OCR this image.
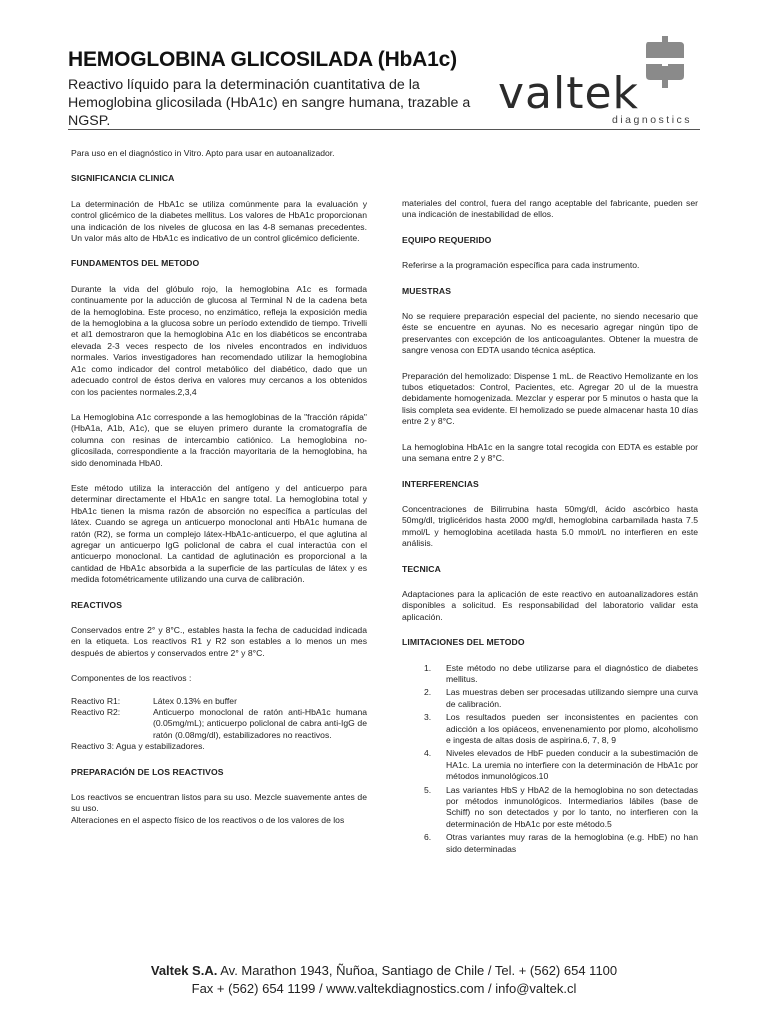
HEMOGLOBINA GLICOSILADA (HbA1c)
Reactivo líquido para la determinación cuantitativa de la Hemoglobina glicosilada (HbA1c) en sangre humana, trazable a NGSP.
valtek
diagnostics

Para uso en el diagnóstico in Vitro. Apto para usar en autoanalizador.

SIGNIFICANCIA CLINICA

La determinación de HbA1c se utiliza comúnmente para la evaluación y control glicémico de la diabetes mellitus. Los valores de HbA1c proporcionan una indicación de los niveles de glucosa en las 4-8 semanas precedentes. Un valor más alto de HbA1c es indicativo de un control glicémico deficiente.

FUNDAMENTOS DEL METODO

Durante la vida del glóbulo rojo, la hemoglobina A1c es formada continuamente por la aducción de glucosa al Terminal N de la cadena beta de la hemoglobina. Este proceso, no enzimático, refleja la exposición media de la hemoglobina a la glucosa sobre un período extendido de tiempo. Trivelli et al1 demostraron que la hemoglobina A1c en los diabéticos se encontraba elevada 2-3 veces respecto de los niveles encontrados en individuos normales. Varios investigadores han recomendado utilizar la hemoglobina A1c como indicador del control metabólico del diabético, dado que un adecuado control de éstos deriva en valores muy cercanos a los obtenidos con los pacientes normales.2,3,4

La Hemoglobina A1c corresponde a las hemoglobinas de la "fracción rápida" (HbA1a, A1b, A1c), que se eluyen primero durante la cromatografía de columna con resinas de intercambio catiónico. La hemoglobina no-glicosilada, correspondiente a la fracción mayoritaria de la hemoglobina, ha sido denominada HbA0.

Este método utiliza la interacción del antígeno y del anticuerpo para determinar directamente el HbA1c en sangre total. La hemoglobina total y HbA1c tienen la misma razón de absorción no específica a partículas del látex. Cuando se agrega un anticuerpo monoclonal anti HbA1c humana de ratón (R2), se forma un complejo látex-HbA1c-anticuerpo, el que aglutina al agregar un anticuerpo IgG policlonal de cabra el cual interactúa con el anticuerpo monoclonal. La cantidad de aglutinación es proporcional a la cantidad de HbA1c absorbida a la superficie de las partículas de látex y es medida fotométricamente utilizando una curva de calibración.

REACTIVOS

Conservados entre 2° y 8°C., estables hasta la fecha de caducidad indicada en la etiqueta. Los reactivos R1 y R2 son estables a lo menos un mes después de abiertos y conservados entre 2° y 8°C.

Componentes de los reactivos :

Reactivo R1:	Látex 0.13% en buffer
Reactivo R2:	Anticuerpo monoclonal de ratón anti-HbA1c humana (0.05mg/mL); anticuerpo policlonal de cabra anti-IgG de ratón (0.08mg/dl), estabilizadores no reactivos.

Reactivo 3: Agua y estabilizadores.

PREPARACIÓN DE LOS REACTIVOS

Los reactivos se encuentran listos para su uso. Mezcle suavemente antes de su uso.

Alteraciones en el aspecto físico de los reactivos o de los valores de los

materiales del control, fuera del rango aceptable del fabricante, pueden ser una indicación de inestabilidad de ellos.

EQUIPO REQUERIDO

Referirse a la programación específica para cada instrumento.

MUESTRAS

No se requiere preparación especial del paciente, no siendo necesario que éste se encuentre en ayunas. No es necesario agregar ningún tipo de preservantes con excepción de los anticoagulantes. Obtener la muestra de sangre venosa con EDTA usando técnica aséptica.

Preparación del hemolizado: Dispense 1 mL. de Reactivo Hemolizante en los tubos etiquetados: Control, Pacientes, etc. Agregar 20 ul de la muestra debidamente homogenizada. Mezclar y esperar por 5 minutos o hasta que la lisis completa sea evidente. El hemolizado se puede almacenar hasta 10 días entre 2 y 8°C.

La hemoglobina HbA1c en la sangre total recogida con EDTA es estable por una semana entre 2 y 8°C.

INTERFERENCIAS

Concentraciones de Bilirrubina hasta 50mg/dl, ácido ascórbico hasta 50mg/dl, triglicéridos hasta 2000 mg/dl, hemoglobina carbamilada hasta 7.5 mmol/L y hemoglobina acetilada hasta 5.0 mmol/L no interfieren en este análisis.

TECNICA

Adaptaciones para la aplicación de este reactivo en autoanalizadores están disponibles a solicitud. Es responsabilidad del laboratorio validar esta aplicación.

LIMITACIONES DEL METODO
1.	Este método no debe utilizarse para el diagnóstico de diabetes mellitus.
2.	Las muestras deben ser procesadas utilizando siempre una curva de calibración.
3.	Los resultados pueden ser inconsistentes en pacientes con adicción a los opiáceos, envenenamiento por plomo, alcoholismo e ingesta de altas dosis de aspirina.6, 7, 8, 9
4.	Niveles elevados de HbF pueden conducir a la subestimación de HA1c. La uremia no interfiere con la determinación de HbA1c por métodos inmunológicos.10
5.	Las variantes HbS y HbA2 de la hemoglobina no son detectadas por métodos inmunológicos. Intermediarios lábiles (base de Schiff) no son detectados y por lo tanto, no interfieren con la determinación de HbA1c por este método.5
6.	Otras variantes muy raras de la hemoglobina (e.g. HbE) no han sido determinadas
Valtek S.A. Av. Marathon 1943, Ñuñoa, Santiago de Chile / Tel. + (562) 654 1100
Fax + (562) 654 1199 / www.valtekdiagnostics.com / info@valtek.cl
